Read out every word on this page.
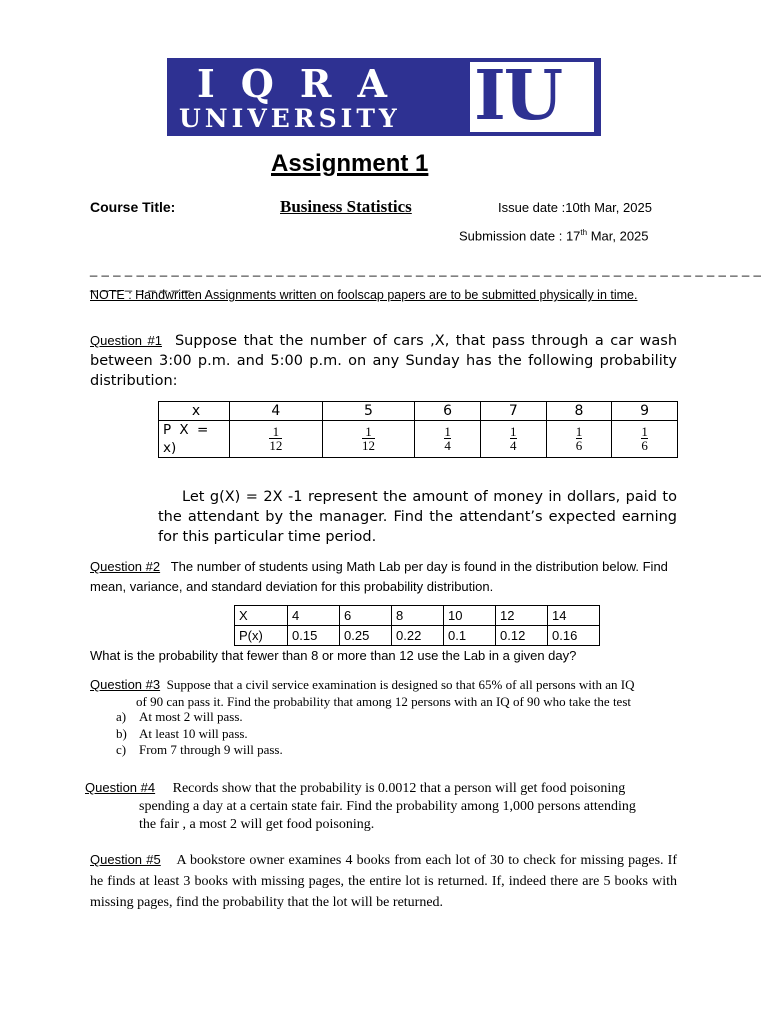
IQRA
UNIVERSITY IU
Assignment 1
Course Title:	Business Statistics	Issue date :10th Mar, 2025
Submission date : 17th Mar, 2025
_ _ _ _ _ _ _ _ _ _ _ _ _ _ _ _ _ _ _ _ _ _ _ _ _ _ _ _ _ _ _ _ _ _ _ _ _ _ _ _ _ _ _ _ _ _ _ _ _ _ _ _ _ _ _ _ _ _ _ _ _ _ _ _ _ _ _
NOTE : Handwritten Assignments written on foolscap papers are to be submitted physically in time.
Question #1 Suppose that the number of cars ,X, that pass through a car wash between 3:00 p.m. and 5:00 p.m. on any Sunday has the following probability distribution:
x	4	5	6	7	8	9
P X = x)	$\frac{1}{12}$	$\frac{1}{12}$	$\frac{1}{4}$	$\frac{1}{4}$	$\frac{1}{6}$	$\frac{1}{6}$
Let g(X) = 2X -1 represent the amount of money in dollars, paid to the attendant by the manager. Find the attendant’s expected earning for this particular time period.
Question #2 The number of students using Math Lab per day is found in the distribution below. Find mean, variance, and standard deviation for this probability distribution.
X	4	6	8	10	12	14
P(x)	0.15	0.25	0.22	0.1	0.12	0.16
What is the probability that fewer than 8 or more than 12 use the Lab in a given day?
Question #3 Suppose that a civil service examination is designed so that 65% of all persons with an IQ
of 90 can pass it. Find the probability that among 12 persons with an IQ of 90 who take the test
a) At most 2 will pass.
b) At least 10 will pass.
c) From 7 through 9 will pass.
Question #4 Records show that the probability is 0.0012 that a person will get food poisoning
spending a day at a certain state fair. Find the probability among 1,000 persons attending
the fair , a most 2 will get food poisoning.
Question #5 A bookstore owner examines 4 books from each lot of 30 to check for missing pages. If he finds at least 3 books with missing pages, the entire lot is returned. If, indeed there are 5 books with missing pages, find the probability that the lot will be returned.
